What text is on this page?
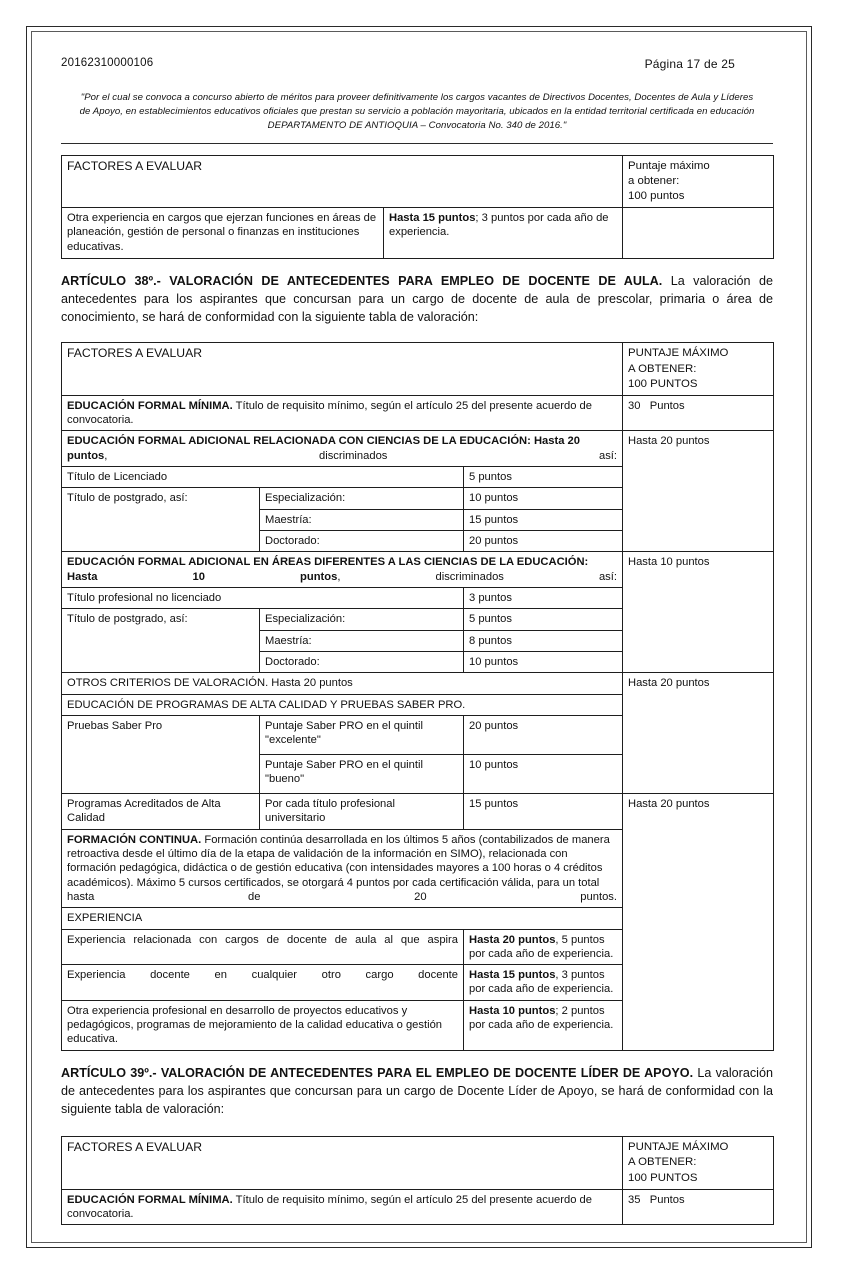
20162310000106	Página 17 de 25
"Por el cual se convoca a concurso abierto de méritos para proveer definitivamente los cargos vacantes de Directivos Docentes, Docentes de Aula y Líderes de Apoyo, en establecimientos educativos oficiales que prestan su servicio a población mayoritaria, ubicados en la entidad territorial certificada en educación DEPARTAMENTO DE ANTIOQUIA – Convocatoria No. 340 de 2016."
FACTORES A EVALUAR		Puntaje máximo
a obtener:
100 puntos

Otra experiencia en cargos que ejerzan funciones en áreas de planeación, gestión de personal o finanzas en instituciones educativas.	Hasta 15 puntos; 3 puntos por cada año de experiencia.	
ARTÍCULO 38º.- VALORACIÓN DE ANTECEDENTES PARA EMPLEO DE DOCENTE DE AULA. La valoración de antecedentes para los aspirantes que concursan para un cargo de docente de aula de prescolar, primaria o área de conocimiento, se hará de conformidad con la siguiente tabla de valoración:
FACTORES A EVALUAR			PUNTAJE MÁXIMO
A OBTENER:
100 PUNTOS

EDUCACIÓN FORMAL MÍNIMA. Título de requisito mínimo, según el artículo 25 del presente acuerdo de convocatoria.			30   Puntos
EDUCACIÓN FORMAL ADICIONAL RELACIONADA CON CIENCIAS DE LA EDUCACIÓN: Hasta 20 puntos, discriminados así:			Hasta 20 puntos
Título de Licenciado		5 puntos	
Título de postgrado, así:	Especialización:	10 puntos	
	Maestría:	15 puntos	
	Doctorado:	20 puntos	
EDUCACIÓN FORMAL ADICIONAL EN ÁREAS DIFERENTES A LAS CIENCIAS DE LA EDUCACIÓN: Hasta 10 puntos, discriminados así:			Hasta 10 puntos
Título profesional no licenciado		3 puntos	
Título de postgrado, así:	Especialización:	5 puntos	
	Maestría:	8 puntos	
	Doctorado:	10 puntos	
OTROS CRITERIOS DE VALORACIÓN. Hasta 20 puntos			Hasta 20 puntos
EDUCACIÓN DE PROGRAMAS DE ALTA CALIDAD Y PRUEBAS SABER PRO.			
Pruebas Saber Pro	Puntaje Saber PRO en el quintil "excelente"	20 puntos	
	Puntaje Saber PRO en el quintil "bueno"	10 puntos	
Programas Acreditados de Alta Calidad	Por cada título profesional universitario	15 puntos	Hasta 20 puntos
FORMACIÓN CONTINUA. Formación continúa desarrollada en los últimos 5 años (contabilizados de manera retroactiva desde el último día de la etapa de validación de la información en SIMO), relacionada con formación pedagógica, didáctica o de gestión educativa (con intensidades mayores a 100 horas o 4 créditos académicos). Máximo 5 cursos certificados, se otorgará 4 puntos por cada certificación válida, para un total hasta de 20 puntos.			
EXPERIENCIA			
Experiencia relacionada con cargos de docente de aula al que aspira		Hasta 20 puntos, 5 puntos por cada año de experiencia.	
Experiencia docente en cualquier otro cargo docente		Hasta 15 puntos, 3 puntos por cada año de experiencia.	
Otra experiencia profesional en desarrollo de proyectos educativos y pedagógicos, programas de mejoramiento de la calidad educativa o gestión educativa.		Hasta 10 puntos; 2 puntos por cada año de experiencia.	
ARTÍCULO 39º.- VALORACIÓN DE ANTECEDENTES PARA EL EMPLEO DE DOCENTE LÍDER DE APOYO. La valoración de antecedentes para los aspirantes que concursan para un cargo de Docente Líder de Apoyo, se hará de conformidad con la siguiente tabla de valoración:
FACTORES A EVALUAR	PUNTAJE MÁXIMO
A OBTENER:
100 PUNTOS

EDUCACIÓN FORMAL MÍNIMA. Título de requisito mínimo, según el artículo 25 del presente acuerdo de convocatoria.	35   Puntos
